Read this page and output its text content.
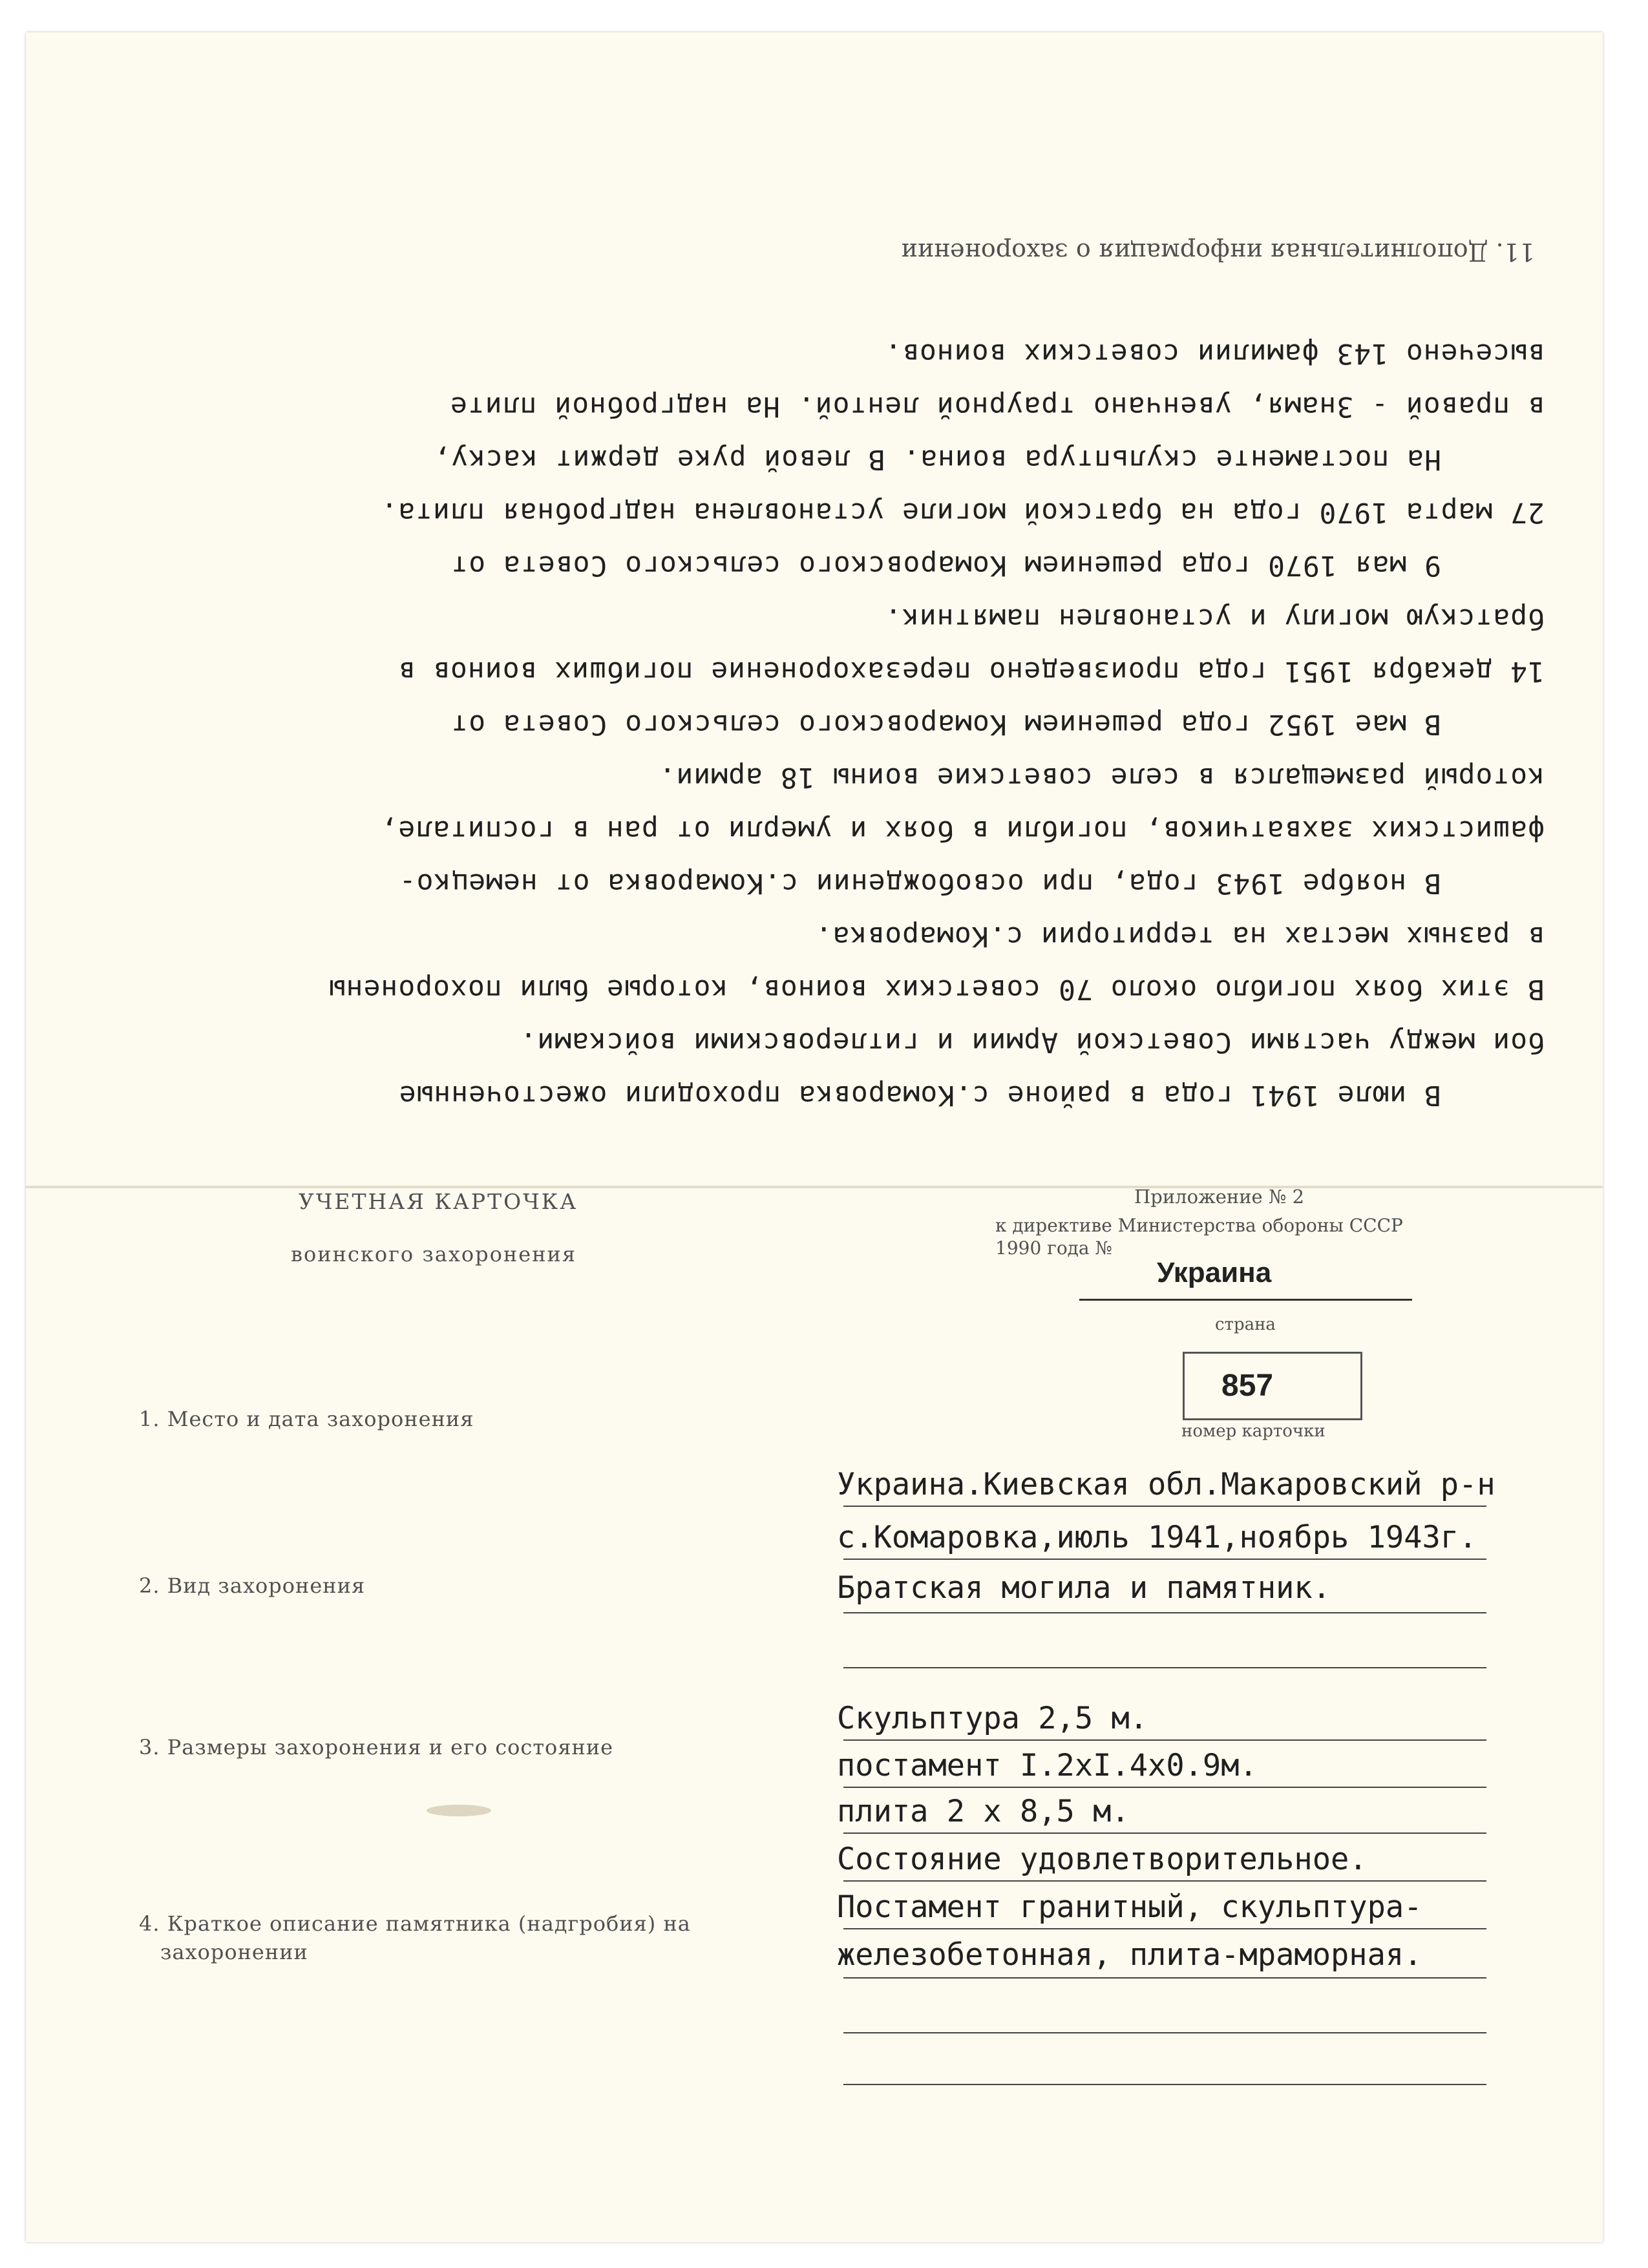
В июле 1941 года в районе с.Комаровка проходили ожесточенные
бои между частями Советской Армии и гитлеровскими войсками.
В этих боях погибло около 70 советских воинов, которые были похоронены
в разных местах на территории с.Комаровка.
В ноябре 1943 года, при освобождении с.Комаровка от немецко-
фашистских захватчиков, погибли в боях и умерли от ран в госпитале,
который размещался в селе советские воины 18 армии.
В мае 1952 года решением Комаровского сельского Совета от
14 декабря 1951 года произведено перезахоронение погибших воинов в
братскую могилу и установлен памятник.
9 мая 1970 года решением Комаровского сельского Совета от
27 марта 1970 года на братской могиле установлена надгробная плита.
На постаменте скульптура воина. В левой руке держит каску,
в правой - Знамя, увенчано траурной лентой. На надгробной плите
высечено 143 фамилии советских воинов.
11. Дополнительная информация о захоронении
УЧЕТНАЯ КАРТОЧКА
воинского захоронения
Приложение № 2
к директиве Министерства обороны СССР
1990 года №
Украина
страна
857
номер карточки
1. Место и дата захоронения
2. Вид захоронения
3. Размеры захоронения и его состояние
4. Краткое описание памятника (надгробия) на
захоронении
Украина.Киевская обл.Макаровский р-н
с.Комаровка,июль 1941,ноябрь 1943г.
Братская могила и памятник.
Скульптура 2,5 м.
постамент I.2xI.4x0.9м.
плита 2 x 8,5 м.
Состояние удовлетворительное.
Постамент гранитный, скульптура-
железобетонная, плита-мраморная.
